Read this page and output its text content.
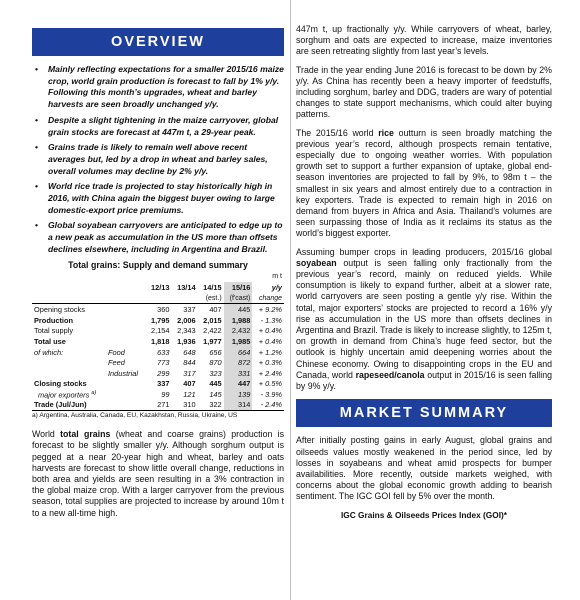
OVERVIEW
• Mainly reflecting expectations for a smaller 2015/16 maize crop, world grain production is forecast to fall by 1% y/y. Following this month’s upgrades, wheat and barley harvests are seen broadly unchanged y/y.
• Despite a slight tightening in the maize carryover, global grain stocks are forecast at 447m t, a 29-year peak.
• Grains trade is likely to remain well above recent averages but, led by a drop in wheat and barley sales, overall volumes may decline by 2% y/y.
• World rice trade is projected to stay historically high in 2016, with China again the biggest buyer owing to large domestic-export price premiums.
• Global soyabean carryovers are anticipated to edge up to a new peak as accumulation in the US more than offsets declines elsewhere, including in Argentina and Brazil.
Total grains: Supply and demand summary
						m t
		12/13	13/14	14/15	15/16	y/y
				(est.)	(f'cast)	change
Opening stocks		360	337	407	445	+ 9.2%
Production		1,795	2,006	2,015	1,988	- 1.3%
Total supply		2,154	2,343	2,422	2,432	+ 0.4%
Total use		1,818	1,936	1,977	1,985	+ 0.4%
of which:	Food	633	648	656	664	+ 1.2%
	Feed	773	844	870	872	+ 0.3%
	Industrial	299	317	323	331	+ 2.4%
Closing stocks		337	407	445	447	+ 0.5%
major exporters $^{a)}$		99	121	145	139	- 3.9%
Trade (Jul/Jun)		271	310	322	314	- 2.4%
a) Argentina, Australia, Canada, EU, Kazakhstan, Russia, Ukraine, US

World total grains (wheat and coarse grains) production is forecast to be slightly smaller y/y. Although sorghum output is pegged at a near 20-year high and wheat, barley and oats harvests are forecast to show little overall change, reductions in both area and yields are seen resulting in a 3% contraction in the global maize crop. With a larger carryover from the previous season, total supplies are projected to increase by around 10m t to a new all-time high.

447m t, up fractionally y/y. While carryovers of wheat, barley, sorghum and oats are expected to increase, maize inventories are seen retreating slightly from last year’s levels.

Trade in the year ending June 2016 is forecast to be down by 2% y/y. As China has recently been a heavy importer of feedstuffs, including sorghum, barley and DDG, traders are wary of potential changes to state support mechanisms, which could alter buying patterns.

The 2015/16 world rice outturn is seen broadly matching the previous year’s record, although prospects remain tentative, especially due to ongoing weather worries. With population growth set to support a further expansion of uptake, global end-season inventories are projected to fall by 9%, to 98m t – the smallest in six years and almost entirely due to a contraction in key exporters. Trade is expected to remain high in 2016 on demand from buyers in Africa and Asia. Thailand’s volumes are seen surpassing those of India as it reclaims its status as the world’s biggest exporter.

Assuming bumper crops in leading producers, 2015/16 global soyabean output is seen falling only fractionally from the previous year’s record, mainly on reduced yields. While consumption is likely to expand further, albeit at a slower rate, world carryovers are seen posting a gentle y/y rise. Within the total, major exporters’ stocks are projected to record a 16% y/y rise as accumulation in the US more than offsets declines in Argentina and Brazil. Trade is likely to increase slightly, to 125m t, on growth in demand from China’s huge feed sector, but the outlook is highly uncertain amid deepening worries about the Chinese economy. Owing to disappointing crops in the EU and Canada, world rapeseed/canola output in 2015/16 is seen falling by 9% y/y.

MARKET SUMMARY

After initially posting gains in early August, global grains and oilseeds values mostly weakened in the period since, led by losses in soyabeans and wheat amid prospects for bumper availabilities. More recently, outside markets weighed, with concerns about the global economic growth adding to bearish sentiment. The IGC GOI fell by 5% over the month.

IGC Grains & Oilseeds Prices Index (GOI)*
